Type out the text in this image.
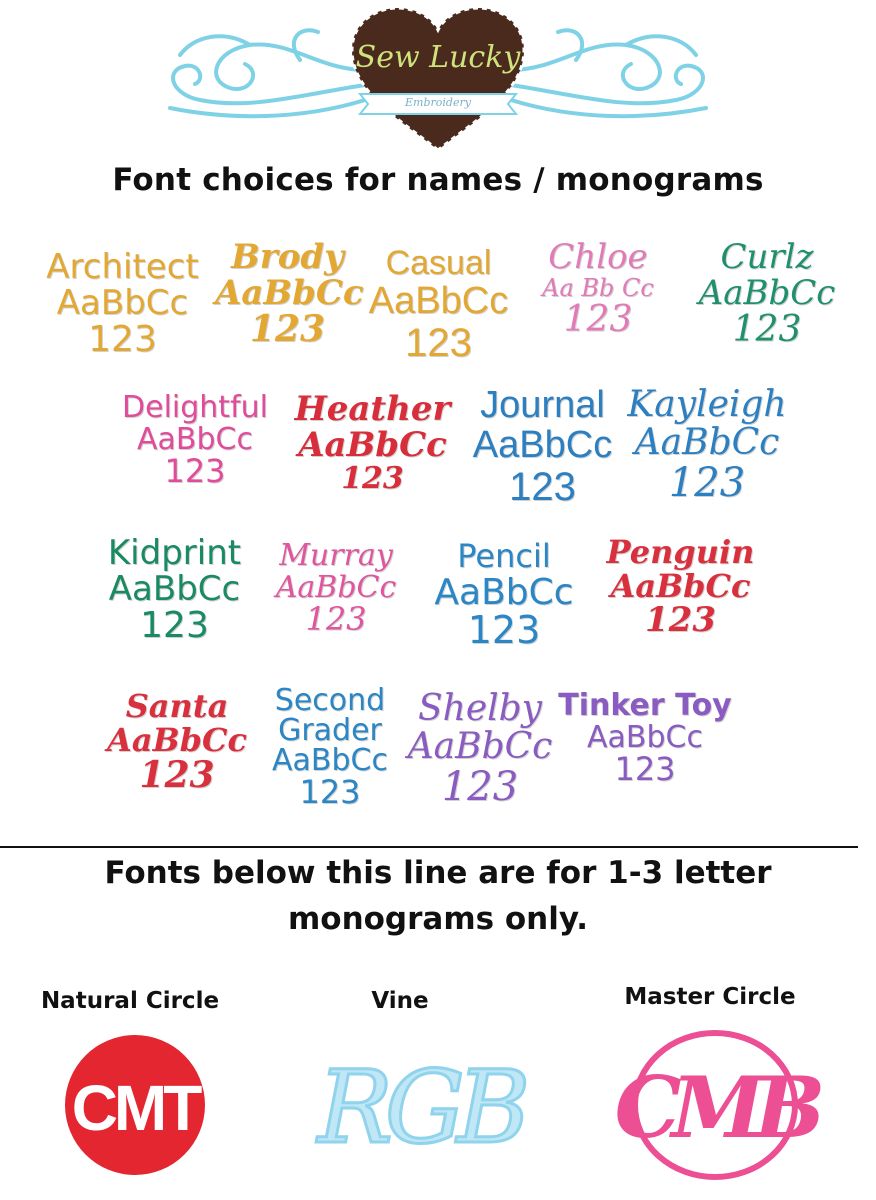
Sew Lucky
Embroidery
Font choices for names / monograms
Architect
AaBbCc
123
Brody
AaBbCc
123
Casual
AaBbCc
123
Chloe
Aa Bb Cc
123
Curlz
AaBbCc
123
Delightful
AaBbCc
123
Heather
AaBbCc
123
Journal
AaBbCc
123
Kayleigh
AaBbCc
123
Kidprint
AaBbCc
123
Murray
AaBbCc
123
Pencil
AaBbCc
123
Penguin
AaBbCc
123
Santa
AaBbCc
123
Second Grader
AaBbCc
123
Shelby
AaBbCc
123
Tinker Toy
AaBbCc
123
Fonts below this line are for 1-3 letter
monograms only.
Natural Circle	Vine	Master Circle
CMT RGB CMB
